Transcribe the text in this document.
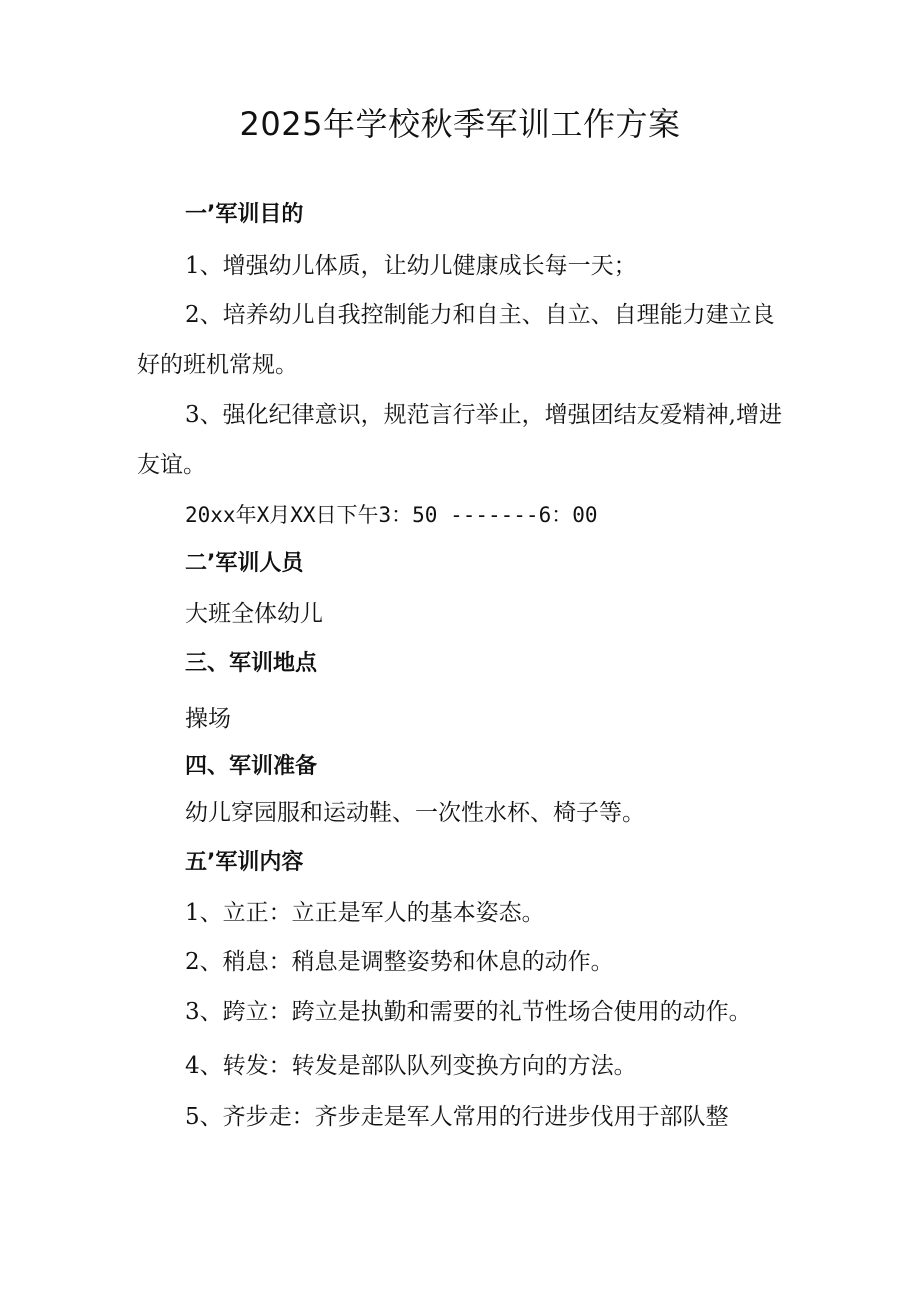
2025年学校秋季军训工作方案
一’军训目的
1、增强幼儿体质，让幼儿健康成长每一天；
2、培养幼儿自我控制能力和自主、自立、自理能力建立良
好的班机常规。
3、强化纪律意识，规范言行举止，增强团结友爱精神,增进
友谊。
20xx年X月XX日下午3：50 -------6：00
二’军训人员
大班全体幼儿
三、军训地点
操场
四、军训准备
幼儿穿园服和运动鞋、一次性水杯、椅子等。
五’军训内容
1、立正：立正是军人的基本姿态。
2、稍息：稍息是调整姿势和休息的动作。
3、跨立：跨立是执勤和需要的礼节性场合使用的动作。
4、转发：转发是部队队列变换方向的方法。
5、齐步走：齐步走是军人常用的行进步伐用于部队整
